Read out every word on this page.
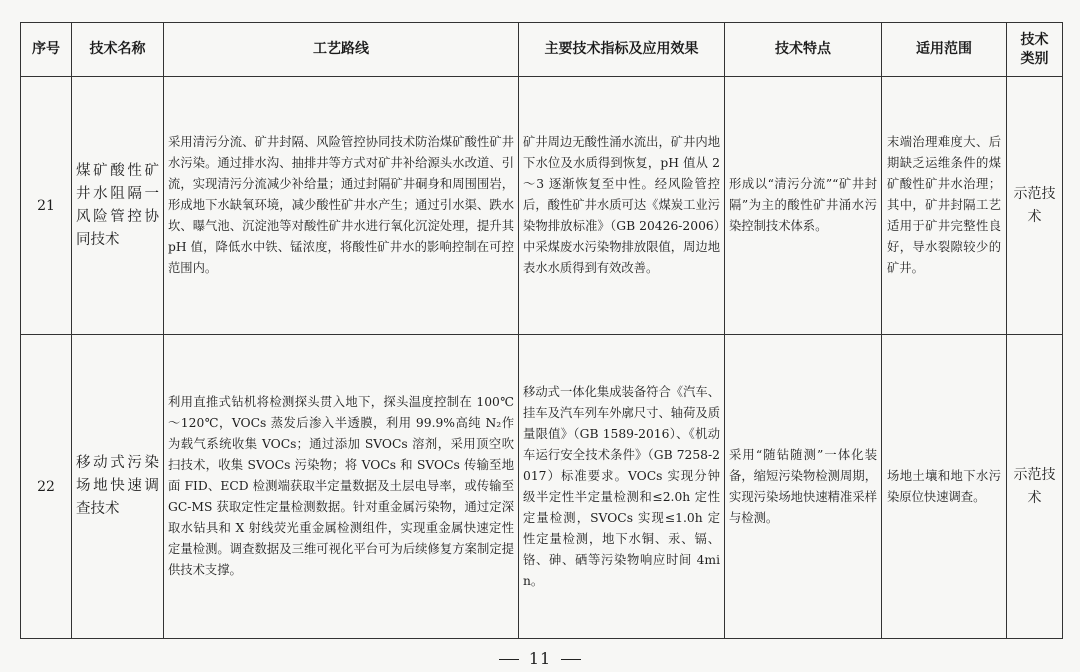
序号	技术名称	工艺路线	主要技术指标及应用效果	技术特点	适用范围	技术类别
21	煤矿酸性矿井水阻隔一风险管控协同技术	采用清污分流、矿井封隔、风险管控协同技术防治煤矿酸性矿井水污染。通过排水沟、抽排井等方式对矿井补给源头水改道、引流，实现清污分流减少补给量；通过封隔矿井硐身和周围围岩，形成地下水缺氧环境，减少酸性矿井水产生；通过引水渠、跌水坎、曝气池、沉淀池等对酸性矿井水进行氧化沉淀处理，提升其 pH 值，降低水中铁、锰浓度，将酸性矿井水的影响控制在可控范围内。	矿井周边无酸性涌水流出，矿井内地下水位及水质得到恢复，pH 值从 2～3 逐渐恢复至中性。经风险管控后，酸性矿井水质可达《煤炭工业污染物排放标准》（GB 20426-2006）中采煤废水污染物排放限值，周边地表水水质得到有效改善。	形成以“清污分流”“矿井封隔”为主的酸性矿井涌水污染控制技术体系。	末端治理难度大、后期缺乏运维条件的煤矿酸性矿井水治理；其中，矿井封隔工艺适用于矿井完整性良好，导水裂隙较少的矿井。	示范技术
22	移动式污染场地快速调查技术	利用直推式钻机将检测探头贯入地下，探头温度控制在 100℃～120℃，VOCs 蒸发后渗入半透膜，利用 99.9%高纯 N₂作为载气系统收集 VOCs；通过添加 SVOCs 溶剂，采用顶空吹扫技术，收集 SVOCs 污染物；将 VOCs 和 SVOCs 传输至地面 FID、ECD 检测端获取半定量数据及土层电导率，或传输至 GC-MS 获取定性定量检测数据。针对重金属污染物，通过定深取水钻具和 X 射线荧光重金属检测组件，实现重金属快速定性定量检测。调查数据及三维可视化平台可为后续修复方案制定提供技术支撑。	移动式一体化集成装备符合《汽车、挂车及汽车列车外廓尺寸、轴荷及质量限值》（GB 1589-2016）、《机动车运行安全技术条件》（GB 7258-2017）标准要求。VOCs 实现分钟级半定性半定量检测和≤2.0h 定性定量检测，SVOCs 实现≤1.0h 定性定量检测，地下水铜、汞、镉、铬、砷、硒等污染物响应时间 4min。	采用“随钻随测”一体化装备，缩短污染物检测周期，实现污染场地快速精准采样与检测。	场地土壤和地下水污染原位快速调查。	示范技术
11
